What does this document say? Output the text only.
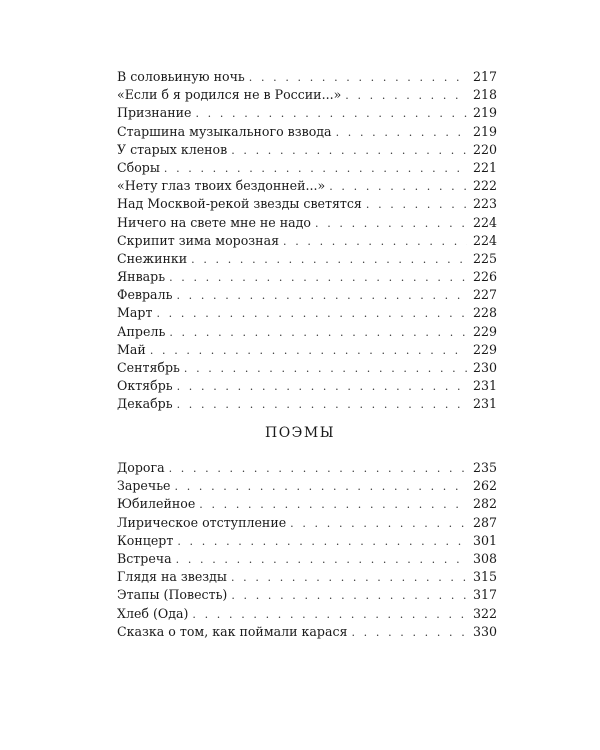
В соловьиную ночь . . .	217
«Если б я родился не в России...» . . .	218
Признание . . .	219
Старшина музыкального взвода . . .	219
У старых кленов . . .	220
Сборы . . .	221
«Нету глаз твоих бездонней...» . . .	222
Над Москвой-рекой звезды светятся . . .	223
Ничего на свете мне не надо . . .	224
Скрипит зима морозная . . .	224
Снежинки . . .	225
Январь . . .	226
Февраль . . .	227
Март . . .	228
Апрель . . .	229
Май . . .	229
Сентябрь . . .	230
Октябрь . . .	231
Декабрь . . .	231
ПОЭМЫ
Дорога . . .	235
Заречье . . .	262
Юбилейное . . .	282
Лирическое отступление . . .	287
Концерт . . .	301
Встреча . . .	308
Глядя на звезды . . .	315
Этапы (Повесть) . . .	317
Хлеб (Ода) . . .	322
Сказка о том, как поймали карася . . .	330
